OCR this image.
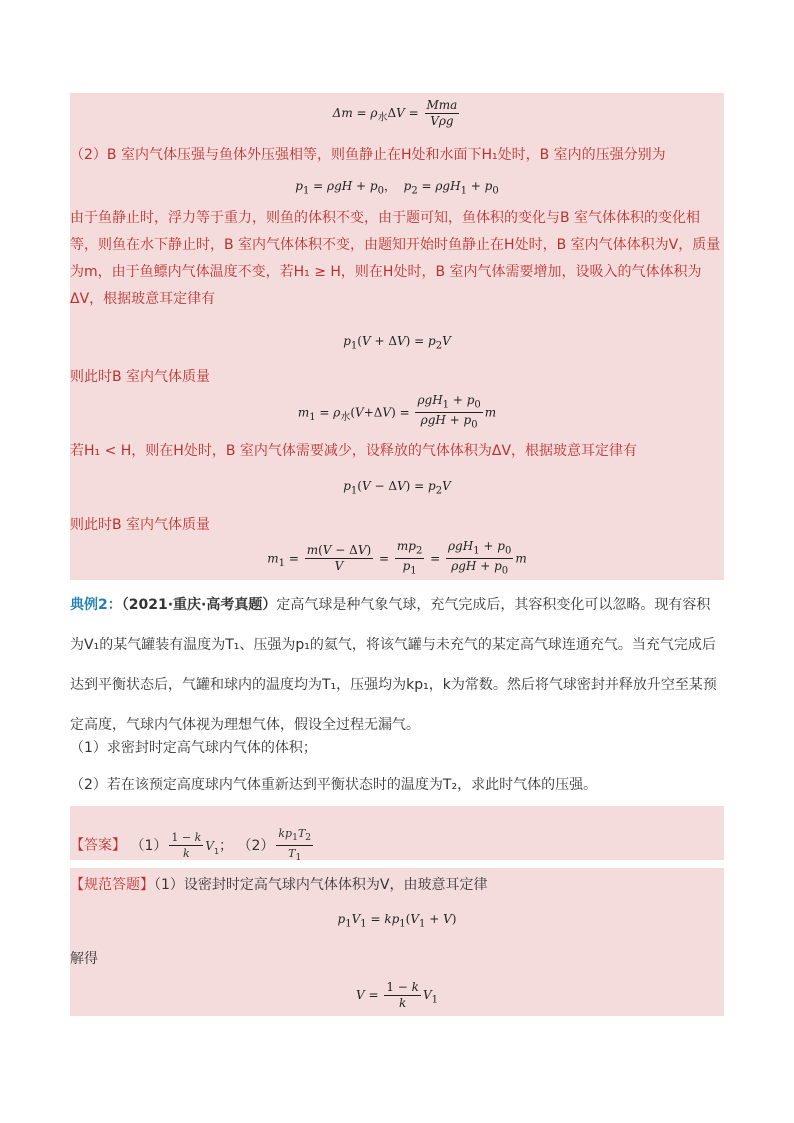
$\Delta m = \rho_水\Delta V = \frac{\text{Mma}}{\text{Vρg}}$
（2）B 室内气体压强与鱼体外压强相等，则鱼静止在H处和水面下H₁处时，B 室内的压强分别为
$p_1 = \rho gH + p_0$，  $p_2 = \rho gH_1 + p_0$
由于鱼静止时，浮力等于重力，则鱼的体积不变，由于题可知，鱼体积的变化与B 室气体体积的变化相等，则鱼在水下静止时，B 室内气体体积不变，由题知开始时鱼静止在H处时，B 室内气体体积为V，质量为m，由于鱼鳔内气体温度不变，若H₁ ≥ H，则在H处时，B 室内气体需要增加，设吸入的气体体积为ΔV，根据玻意耳定律有
$p_1(V + \Delta V) = p_2V$
则此时B 室内气体质量
$m_1 = \rho_水(V+\Delta V) = \frac{\rho gH_1 + p_0}{\rho gH + p_0}$ m
若H₁ < H，则在H处时，B 室内气体需要减少，设释放的气体体积为ΔV，根据玻意耳定律有
$p_1(V - \Delta V) = p_2V$
则此时B 室内气体质量
$m_1 = \frac{m(V - \Delta V)}{V} = \frac{mp_2}{p_1} = \frac{\rho gH_1 + p_0}{\rho gH + p_0}$ m
典例2：（2021·重庆·高考真题）定高气球是种气象气球，充气完成后，其容积变化可以忽略。现有容积为V₁的某气罐装有温度为T₁、压强为p₁的氦气，将该气罐与未充气的某定高气球连通充气。当充气完成后达到平衡状态后，气罐和球内的温度均为T₁，压强均为kp₁，k为常数。然后将气球密封并释放升空至某预定高度，气球内气体视为理想气体，假设全过程无漏气。
（1）求密封时定高气球内气体的体积；
（2）若在该预定高度球内气体重新达到平衡状态时的温度为T₂，求此时气体的压强。
【答案】 $(1) \frac{1 - k}{k} V_1$； $(2) \frac{kp_1T_2}{T_1}$
【规范答题】（1）设密封时定高气球内气体体积为V，由玻意耳定律
$p_1V_1 = kp_1(V_1 + V)$
解得
$V = \frac{1 - k}{k} V_1$
